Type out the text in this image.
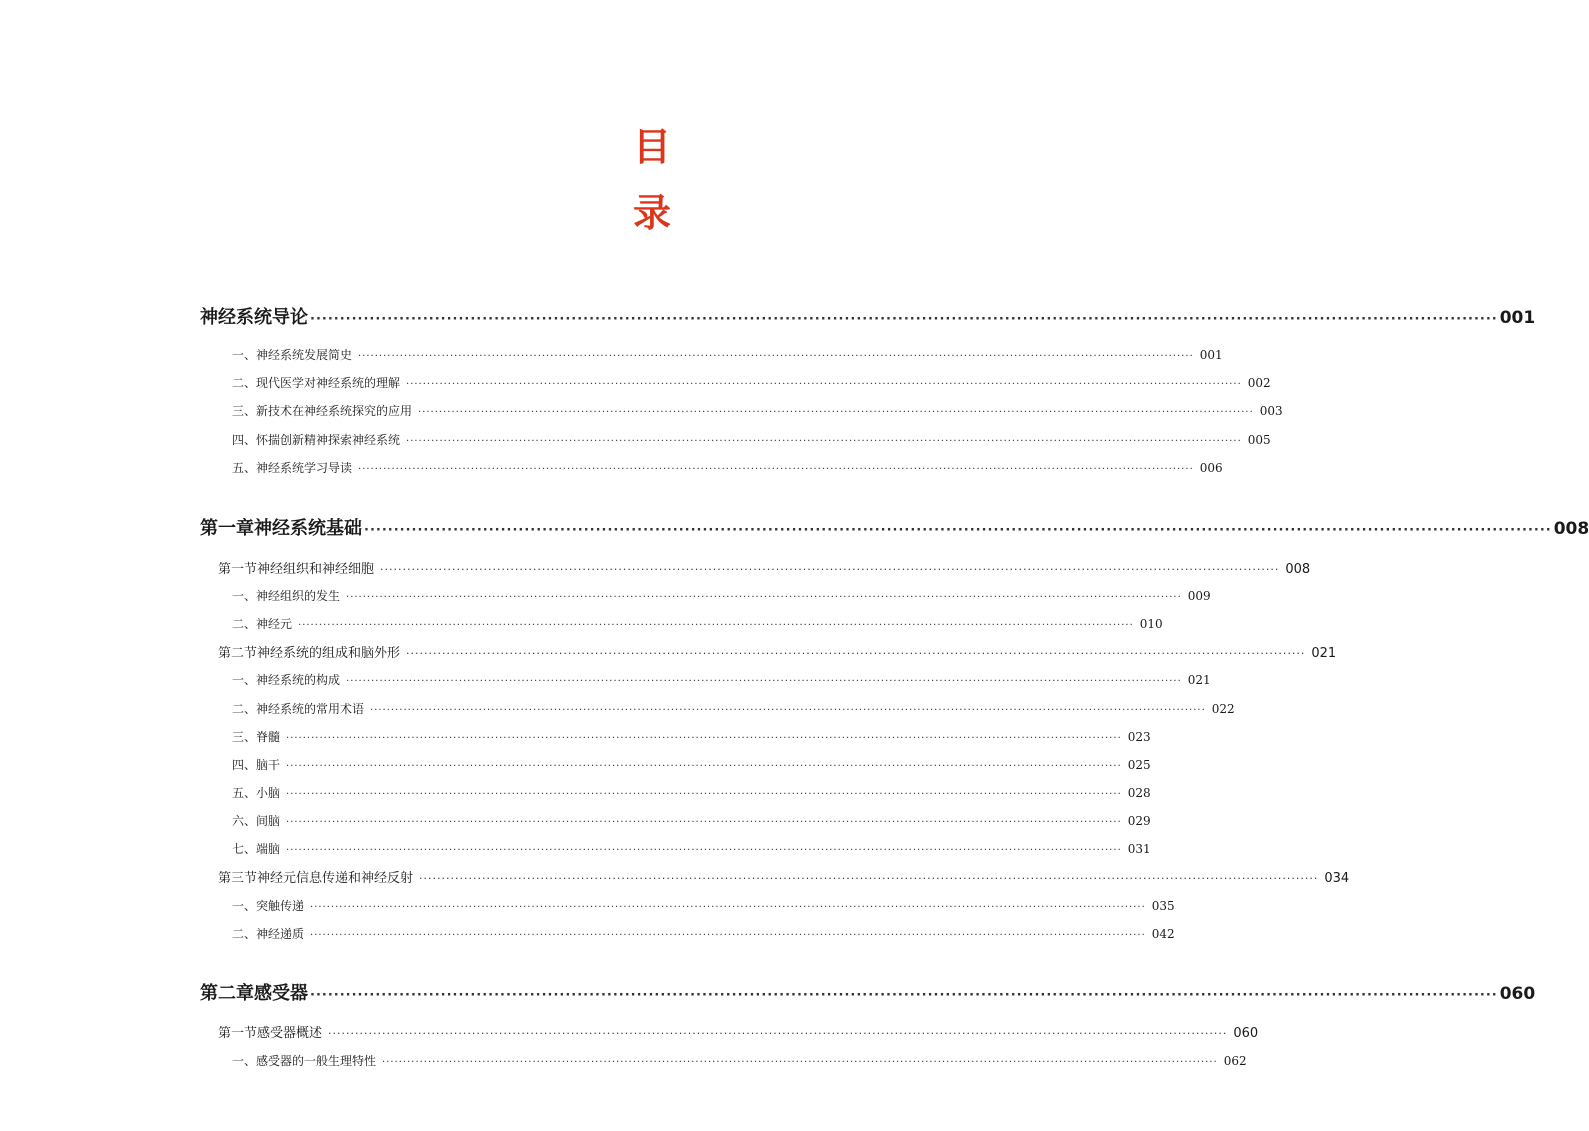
目
录
神经系统导论 ········································································································································································································ 001
一、神经系统发展简史 ········································································································································································································ 001
二、现代医学对神经系统的理解 ········································································································································································································ 002
三、新技术在神经系统探究的应用 ········································································································································································································ 003
四、怀揣创新精神探索神经系统 ········································································································································································································ 005
五、神经系统学习导读 ········································································································································································································ 006
第一章 神经系统基础 ········································································································································································································ 008
第一节 神经组织和神经细胞 ········································································································································································································ 008
一、神经组织的发生 ········································································································································································································ 009
二、神经元 ········································································································································································································ 010
第二节 神经系统的组成和脑外形 ········································································································································································································ 021
一、神经系统的构成 ········································································································································································································ 021
二、神经系统的常用术语 ········································································································································································································ 022
三、脊髓 ········································································································································································································ 023
四、脑干 ········································································································································································································ 025
五、小脑 ········································································································································································································ 028
六、间脑 ········································································································································································································ 029
七、端脑 ········································································································································································································ 031
第三节 神经元信息传递和神经反射 ········································································································································································································ 034
一、突触传递 ········································································································································································································ 035
二、神经递质 ········································································································································································································ 042
第二章 感受器 ········································································································································································································ 060
第一节 感受器概述 ········································································································································································································ 060
一、感受器的一般生理特性 ········································································································································································································ 062
